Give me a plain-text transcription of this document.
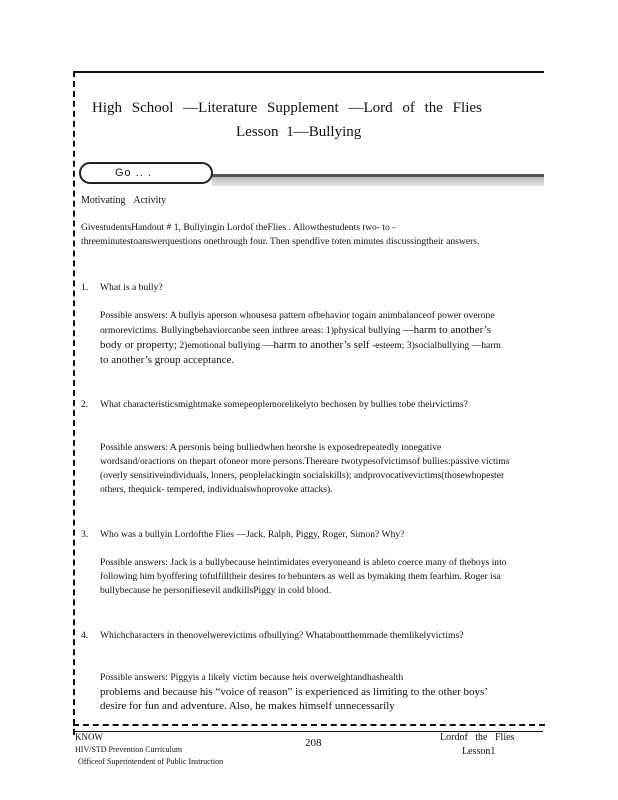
High School —Literature Supplement —Lord of the Flies
Lesson 1—Bullying
Go .. .
Motivating Activity
GivestudentsHandout # 1, Bullyingin Lordof theFlies . Allowthestudents two- to -threeminutestoanswerquestions onethrough four. Then spendfive toten minutes discussingtheir answers.
1. What is a bully?
Possible answers: A bullyis aperson whousesa pattern ofbehavior togain animbalanceof power overone ormorevictims. Bullyingbehaviorcanbe seen inthree areas: 1)physical bullying —harm to another’s body or property; 2)emotional bullying —harm to another’s self -esteem; 3)socialbullying —harm to another’s group acceptance.
2. What characteristicsmightmake somepeoplemorelikelyto bechosen by bullies tobe theirvictims?
Possible answers: A personis being bulliedwhen heorshe is exposedrepeatedly tonegative wordsand/oractions on thepart ofoneor more persons.Thereare twotypesofvictimsof bullies:passive victims (overly sensitiveindividuals, loners, peoplelackingin socialskills); andprovocativevictims(thosewhopester others, thequick- tempered, individualswhoprovoke attacks).
3. Who was a bullyin Lordofthe Flies —Jack, Ralph, Piggy, Roger, Simon? Why?
Possible answers: Jack is a bullybecause heintimidates everyoneand is ableto coerce many of theboys into following him byoffering tofulfilltheir desires to behunters as well as bymaking them fearhim. Roger isa bullybecause he personifiesevil andkillsPiggy in cold blood.
4. Whichcharacters in thenovelwerevictims ofbullying? Whataboutthemmade themlikelyvictims?
Possible answers: Piggyis a likely victim because heis overweightandhashealth
problems and because his “voice of reason” is experienced as limiting to the other boys’ desire for fun and adventure. Also, he makes himself unnecessarily
KNOW
HIV/STD Prevention Curriculum
Officeof Superintendent of Public Instruction
208	Lordof the Flies
Lesson1
